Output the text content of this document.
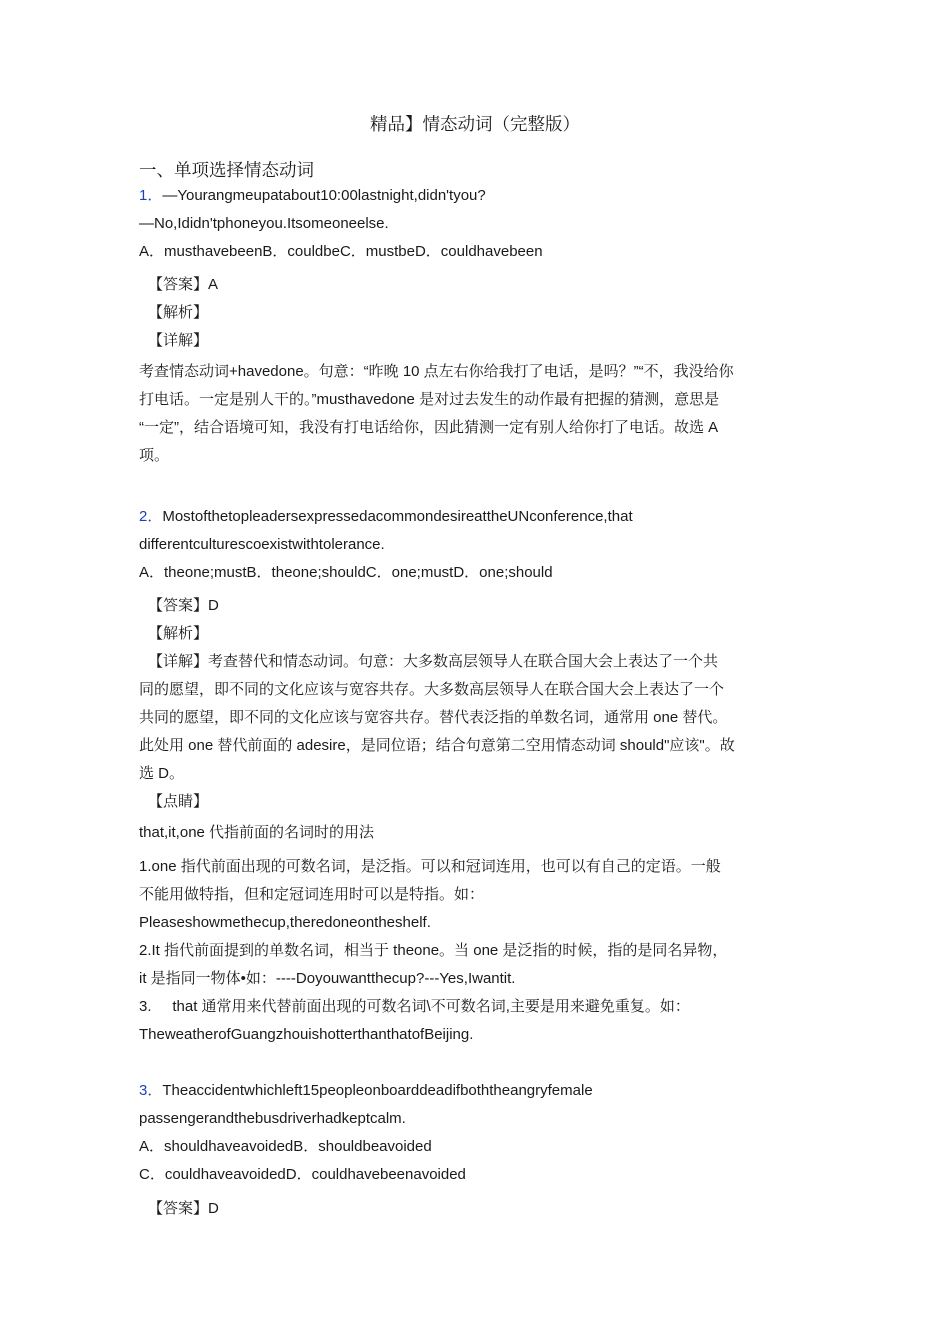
精品】情态动词（完整版）
一、单项选择情态动词
1．—Yourangmeupatabout10:00lastnight,didn'tyou?
—No,Ididn'tphoneyou.Itsomeoneelse.
A．musthavebeenB．couldbeC．mustbeD．couldhavebeen
【答案】A
【解析】
【详解】
考查情态动词+havedone。句意：“昨晚 10 点左右你给我打了电话，是吗？”“不，我没给你
打电话。一定是别人干的。”musthavedone 是对过去发生的动作最有把握的猜测，意思是
“一定”，结合语境可知，我没有打电话给你，因此猜测一定有别人给你打了电话。故选 A
项。
2．MostofthetopleadersexpressedacommondesireattheUNconference,that
differentculturescoexistwithtolerance.
A．theone;mustB．theone;shouldC．one;mustD．one;should
【答案】D
【解析】
【详解】考查替代和情态动词。句意：大多数高层领导人在联合国大会上表达了一个共
同的愿望，即不同的文化应该与宽容共存。大多数高层领导人在联合国大会上表达了一个
共同的愿望，即不同的文化应该与宽容共存。替代表泛指的单数名词，通常用 one 替代。
此处用 one 替代前面的 adesire，是同位语；结合句意第二空用情态动词 should"应该"。故
选 D。
【点睛】
that,it,one 代指前面的名词时的用法
1.one 指代前面出现的可数名词，是泛指。可以和冠词连用，也可以有自己的定语。一般
不能用做特指，但和定冠词连用时可以是特指。如：
Pleaseshowmethecup,theredoneontheshelf.
2.It 指代前面提到的单数名词，相当于 theone。当 one 是泛指的时候，指的是同名异物，
it 是指同一物体•如：----Doyouwantthecup?---Yes,Iwantit.
3.     that 通常用来代替前面出现的可数名词\不可数名词,主要是用来避免重复。如：
TheweatherofGuangzhouishotterthanthatofBeijing.
3．Theaccidentwhichleft15peopleonboarddeadifboththeangryfemale
passengerandthebusdriverhadkeptcalm.
A．shouldhaveavoidedB．shouldbeavoided
C．couldhaveavoidedD．couldhavebeenavoided
【答案】D
